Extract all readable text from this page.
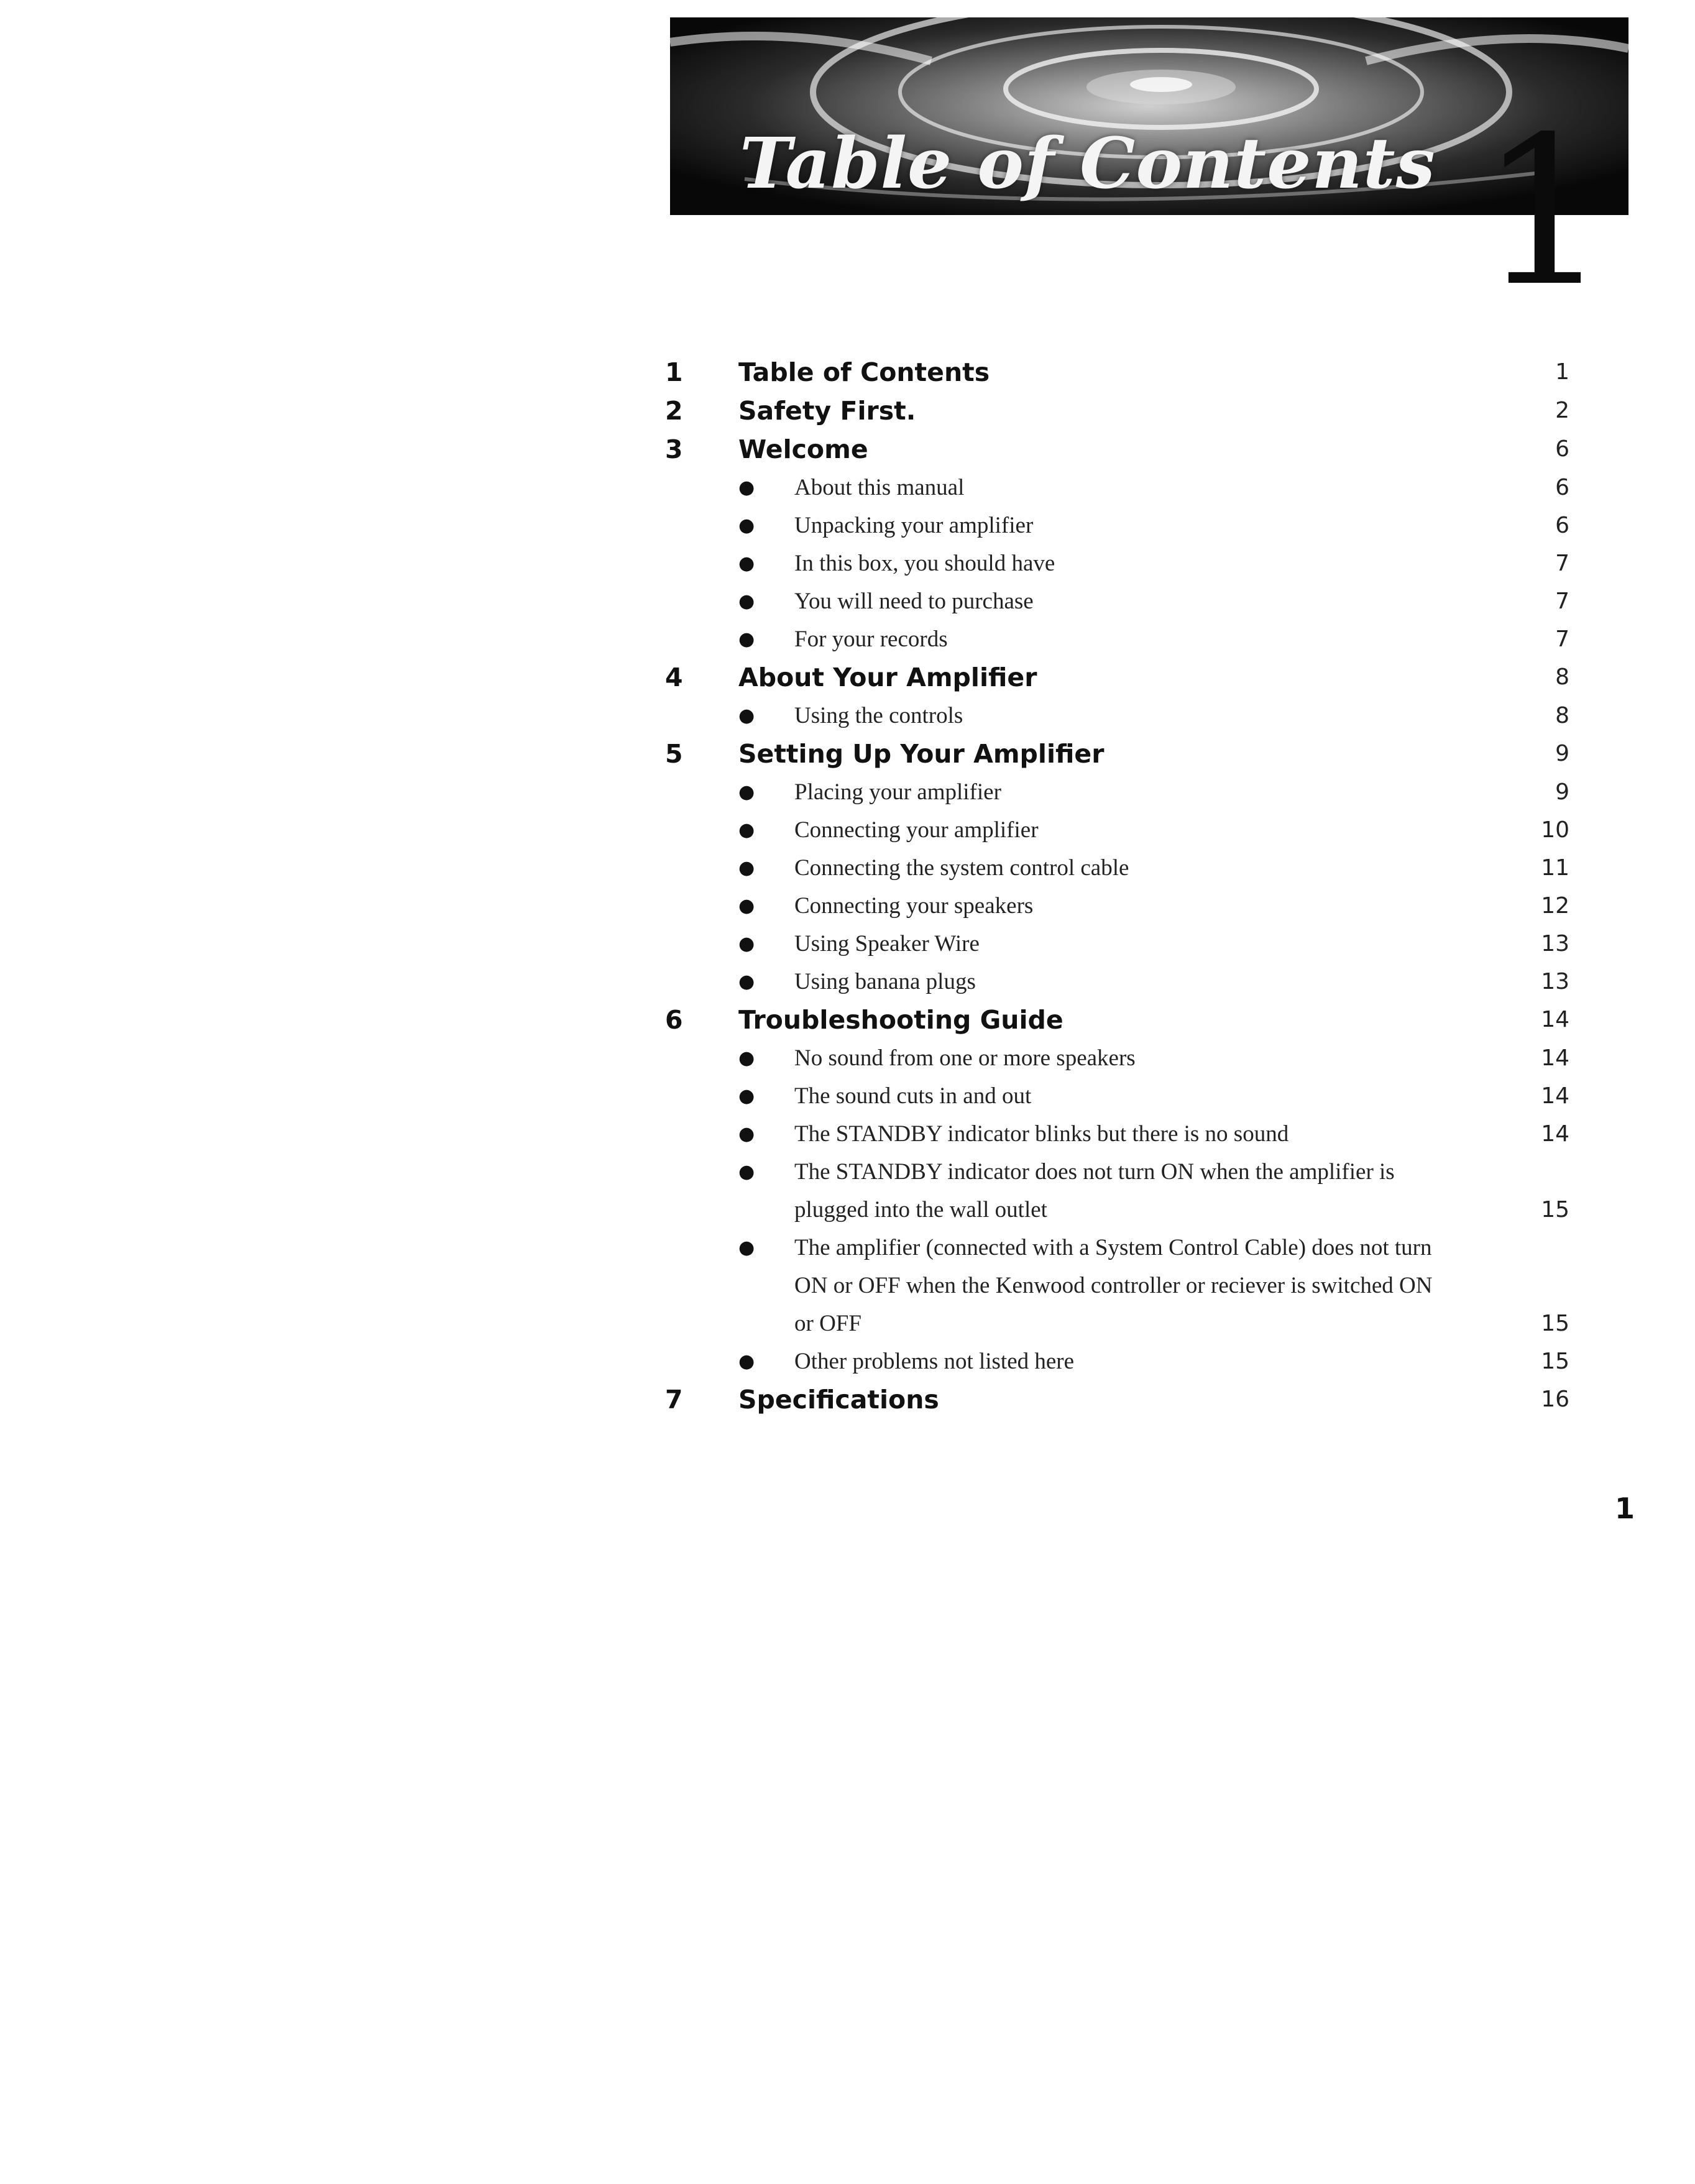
Table of Contents 1
1	Table of Contents	1
2	Safety First.	2
3	Welcome	6
● About this manual	6
● Unpacking your amplifier	6
● In this box, you should have	7
● You will need to purchase	7
● For your records	7
4	About Your Amplifier	8
● Using the controls	8
5	Setting Up Your Amplifier	9
● Placing your amplifier	9
● Connecting your amplifier	10
● Connecting the system control cable	11
● Connecting your speakers	12
● Using Speaker Wire	13
● Using banana plugs	13
6	Troubleshooting Guide	14
● No sound from one or more speakers	14
● The sound cuts in and out	14
● The STANDBY indicator blinks but there is no sound	14
● The STANDBY indicator does not turn ON when the amplifier is plugged into the wall outlet	15
● The amplifier (connected with a System Control Cable) does not turn ON or OFF when the Kenwood controller or reciever is switched ON or OFF	15
● Other problems not listed here	15
7	Specifications	16
1
